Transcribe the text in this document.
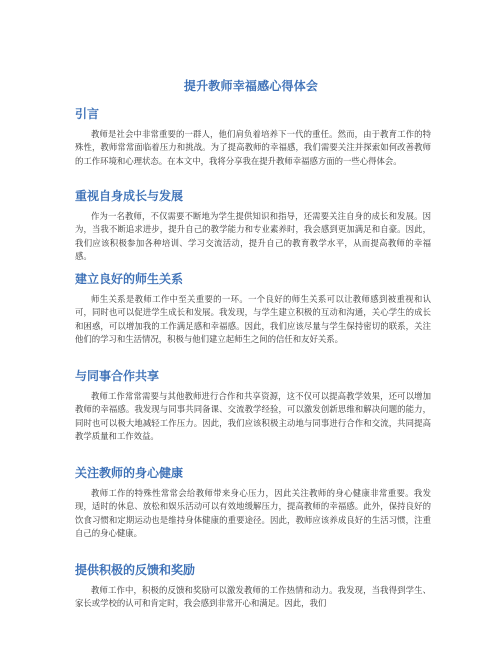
提升教师幸福感心得体会
引言

教师是社会中非常重要的一群人，他们肩负着培养下一代的重任。然而，由于教育工作的特殊性，教师常常面临着压力和挑战。为了提高教师的幸福感，我们需要关注并探索如何改善教师的工作环境和心理状态。在本文中，我将分享我在提升教师幸福感方面的一些心得体会。

重视自身成长与发展

作为一名教师，不仅需要不断地为学生提供知识和指导，还需要关注自身的成长和发展。因为，当我不断追求进步，提升自己的教学能力和专业素养时，我会感到更加满足和自豪。因此，我们应该积极参加各种培训、学习交流活动，提升自己的教育教学水平，从而提高教师的幸福感。

建立良好的师生关系

师生关系是教师工作中至关重要的一环。一个良好的师生关系可以让教师感到被重视和认可，同时也可以促进学生成长和发展。我发现，与学生建立积极的互动和沟通，关心学生的成长和困惑，可以增加我的工作满足感和幸福感。因此，我们应该尽量与学生保持密切的联系，关注他们的学习和生活情况，积极与他们建立起师生之间的信任和友好关系。

与同事合作共享

教师工作常常需要与其他教师进行合作和共享资源，这不仅可以提高教学效果，还可以增加教师的幸福感。我发现与同事共同备课、交流教学经验，可以激发创新思维和解决问题的能力，同时也可以极大地减轻工作压力。因此，我们应该积极主动地与同事进行合作和交流，共同提高教学质量和工作效益。

关注教师的身心健康

教师工作的特殊性常常会给教师带来身心压力，因此关注教师的身心健康非常重要。我发现，适时的休息、放松和娱乐活动可以有效地缓解压力，提高教师的幸福感。此外，保持良好的饮食习惯和定期运动也是维持身体健康的重要途径。因此，教师应该养成良好的生活习惯，注重自己的身心健康。

提供积极的反馈和奖励

教师工作中，积极的反馈和奖励可以激发教师的工作热情和动力。我发现，当我得到学生、家长或学校的认可和肯定时，我会感到非常开心和满足。因此，我们
